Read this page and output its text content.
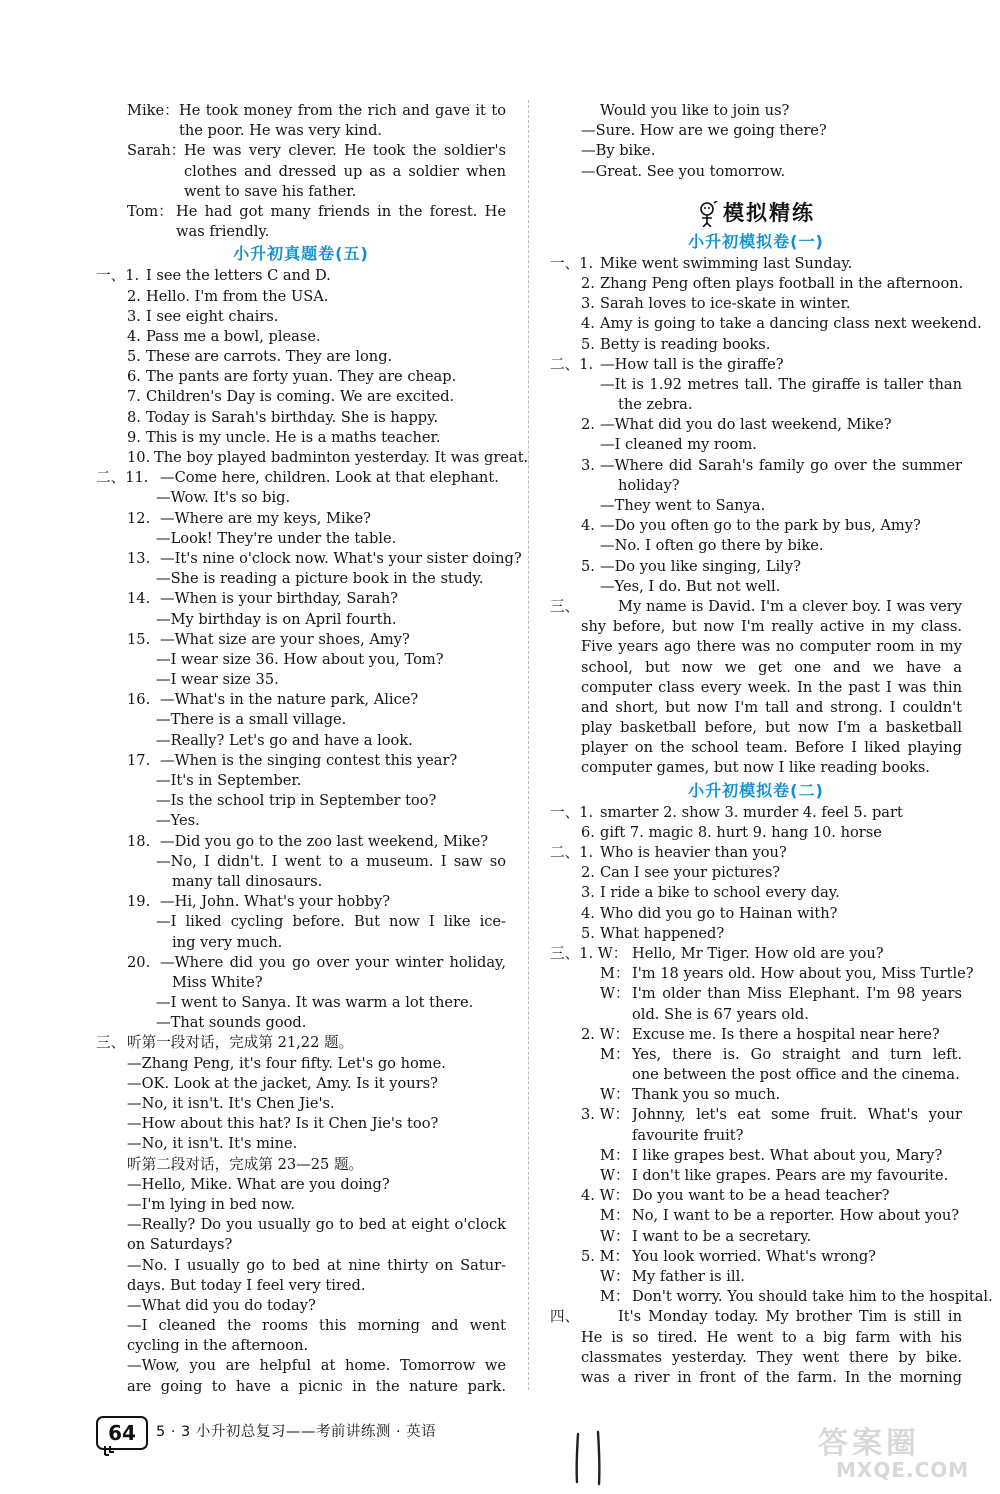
Mike： He took money from the rich and gave it to
the poor. He was very kind.
Sarah：
He was very clever. He took the soldier's
clothes and dressed up as a soldier when
went to save his father.
Tom： He had got many friends in the forest. He
was friendly.
小升初真题卷(五)
一、1. I see the letters C and D.
2. Hello. I'm from the USA.
3. I see eight chairs.
4. Pass me a bowl, please.
5. These are carrots. They are long.
6. The pants are forty yuan. They are cheap.
7. Children's Day is coming. We are excited.
8. Today is Sarah's birthday. She is happy.
9. This is my uncle. He is a maths teacher.
10. The boy played badminton yesterday. It was great.
二、11. —Come here, children. Look at that elephant.
—Wow. It's so big.
12. —Where are my keys, Mike?
—Look! They're under the table.
13. —It's nine o'clock now. What's your sister doing?
—She is reading a picture book in the study.
14. —When is your birthday, Sarah?
—My birthday is on April fourth.
15. —What size are your shoes, Amy?
—I wear size 36. How about you, Tom?
—I wear size 35.
16. —What's in the nature park, Alice?
—There is a small village.
—Really? Let's go and have a look.
17. —When is the singing contest this year?
—It's in September.
—Is the school trip in September too?
—Yes.
18. —Did you go to the zoo last weekend, Mike?
—No, I didn't. I went to a museum. I saw so
many tall dinosaurs.
19. —Hi, John. What's your hobby?
—I liked cycling before. But now I like ice-
ing very much.
20. —Where did you go over your winter holiday,
Miss White?
—I went to Sanya. It was warm a lot there.
—That sounds good.
三、 听第一段对话，完成第 21,22 题。
—Zhang Peng, it's four fifty. Let's go home.
—OK. Look at the jacket, Amy. Is it yours?
—No, it isn't. It's Chen Jie's.
—How about this hat? Is it Chen Jie's too?
—No, it isn't. It's mine.
听第二段对话，完成第 23—25 题。
—Hello, Mike. What are you doing?
—I'm lying in bed now.
—Really? Do you usually go to bed at eight o'clock
on Saturdays?
—No. I usually go to bed at nine thirty on Satur-
days. But today I feel very tired.
—What did you do today?
—I cleaned the rooms this morning and went
cycling in the afternoon.
—Wow, you are helpful at home. Tomorrow we
are going to have a picnic in the nature park.
Would you like to join us?
—Sure. How are we going there?
—By bike.
—Great. See you tomorrow.
模拟精练
小升初模拟卷(一)
一、1. Mike went swimming last Sunday.
2. Zhang Peng often plays football in the afternoon.
3. Sarah loves to ice-skate in winter.
4. Amy is going to take a dancing class next weekend.
5. Betty is reading books.
二、1. —How tall is the giraffe?
—It is 1.92 metres tall. The giraffe is taller than
the zebra.
2. —What did you do last weekend, Mike?
—I cleaned my room.
3. —Where did Sarah's family go over the summer
holiday?
—They went to Sanya.
4. —Do you often go to the park by bus, Amy?
—No. I often go there by bike.
5. —Do you like singing, Lily?
—Yes, I do. But not well.
三、	My name is David. I'm a clever boy. I was very
shy before, but now I'm really active in my class.
Five years ago there was no computer room in my
school, but now we get one and we have a
computer class every week. In the past I was thin
and short, but now I'm tall and strong. I couldn't
play basketball before, but now I'm a basketball
player on the school team. Before I liked playing
computer games, but now I like reading books.
小升初模拟卷(二)
一、1. smarter 2. show 3. murder 4. feel 5. part
6. gift 7. magic 8. hurt 9. hang 10. horse
二、1. Who is heavier than you?
2. Can I see your pictures?
3. I ride a bike to school every day.
4. Who did you go to Hainan with?
5. What happened?
三、1. W： Hello, Mr Tiger. How old are you?
M： I'm 18 years old. How about you, Miss Turtle?
W： I'm older than Miss Elephant. I'm 98 years
old. She is 67 years old.
2. W： Excuse me. Is there a hospital near here?
M： Yes, there is. Go straight and turn left.
one between the post office and the cinema.
W： Thank you so much.
3. W： Johnny, let's eat some fruit. What's your
favourite fruit?
M： I like grapes best. What about you, Mary?
W： I don't like grapes. Pears are my favourite.
4. W： Do you want to be a head teacher?
M： No, I want to be a reporter. How about you?
W： I want to be a secretary.
5. M： You look worried. What's wrong?
W： My father is ill.
M： Don't worry. You should take him to the hospital.
四、	It's Monday today. My brother Tim is still in
He is so tired. He went to a big farm with his
classmates yesterday. They went there by bike.
was a river in front of the farm. In the morning
64	5 · 3 小升初总复习——考前讲练测 · 英语	答案圈
MXQE.COM
